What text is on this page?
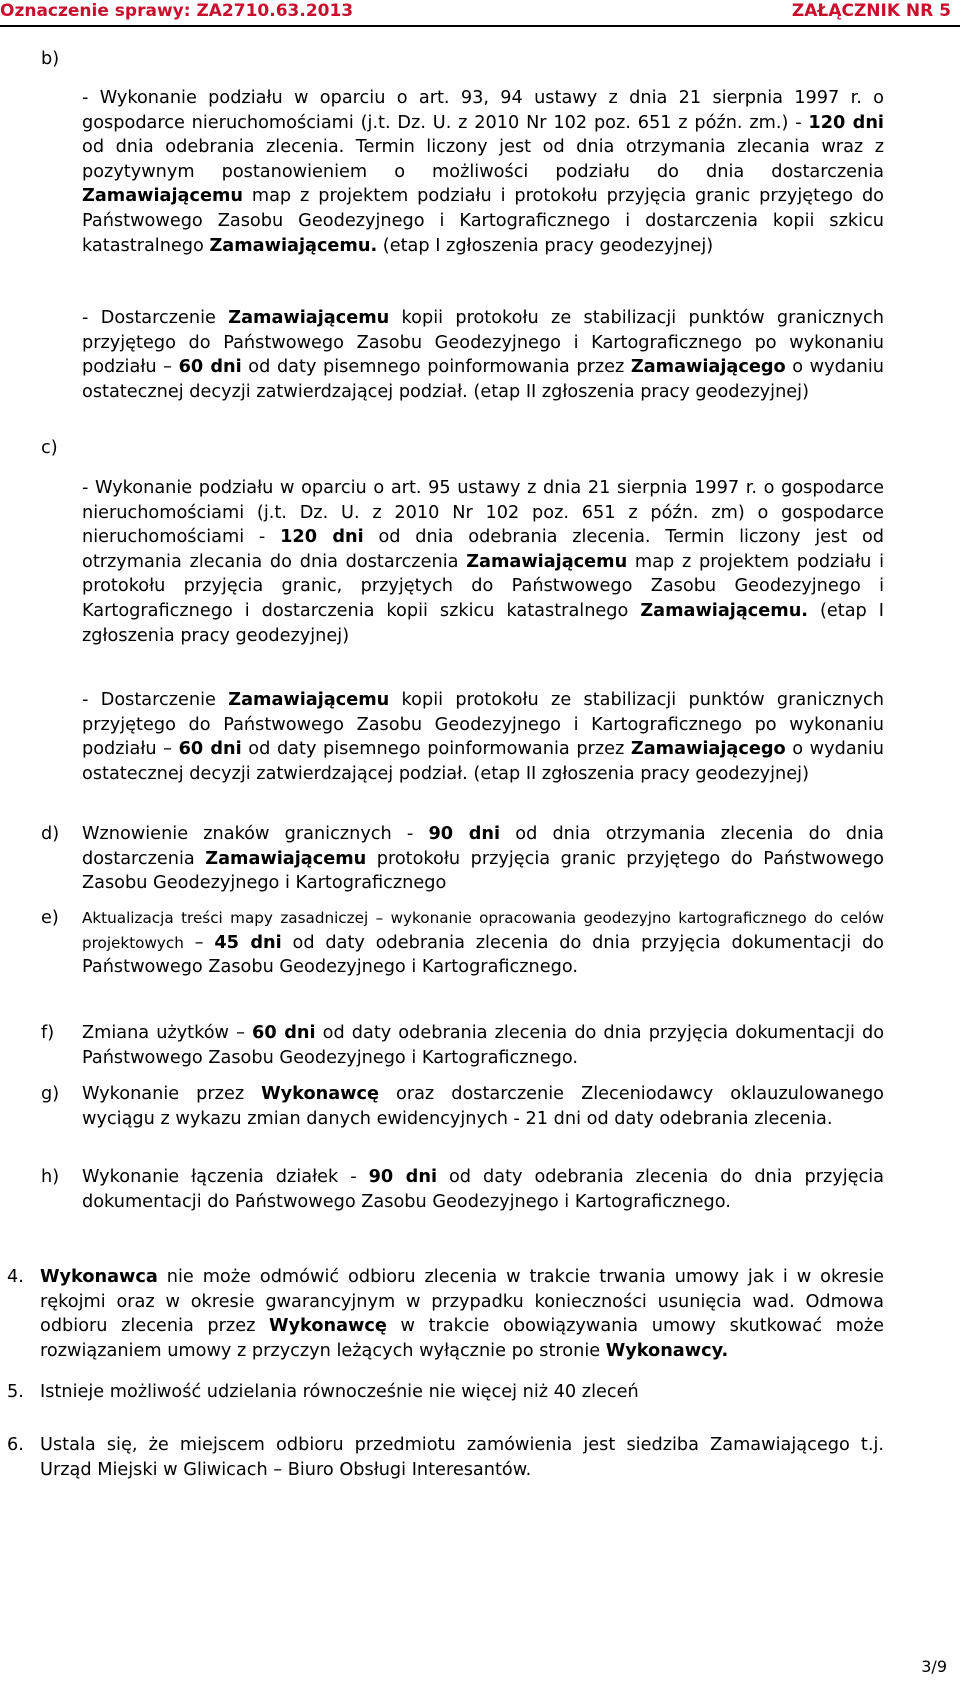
Oznaczenie sprawy: ZA2710.63.2013	ZAŁĄCZNIK NR 5
b)

- Wykonanie podziału w oparciu o art. 93, 94 ustawy z dnia 21 sierpnia 1997 r. o gospodarce nieruchomościami (j.t. Dz. U. z 2010 Nr 102 poz. 651 z późn. zm.) - 120 dni od dnia odebrania zlecenia. Termin liczony jest od dnia otrzymania zlecania wraz z pozytywnym postanowieniem o możliwości podziału do dnia dostarczenia Zamawiającemu map z projektem podziału i protokołu przyjęcia granic przyjętego do Państwowego Zasobu Geodezyjnego i Kartograficznego i dostarczenia kopii szkicu katastralnego Zamawiającemu. (etap I zgłoszenia pracy geodezyjnej)

- Dostarczenie Zamawiającemu kopii protokołu ze stabilizacji punktów granicznych przyjętego do Państwowego Zasobu Geodezyjnego i Kartograficznego po wykonaniu podziału – 60 dni od daty pisemnego poinformowania przez Zamawiającego o wydaniu ostatecznej decyzji zatwierdzającej podział. (etap II zgłoszenia pracy geodezyjnej)

c)

- Wykonanie podziału w oparciu o art. 95 ustawy z dnia 21 sierpnia 1997 r. o gospodarce nieruchomościami (j.t. Dz. U. z 2010 Nr 102 poz. 651 z późn. zm) o gospodarce nieruchomościami - 120 dni od dnia odebrania zlecenia. Termin liczony jest od otrzymania zlecania do dnia dostarczenia Zamawiającemu map z projektem podziału i protokołu przyjęcia granic, przyjętych do Państwowego Zasobu Geodezyjnego i Kartograficznego i dostarczenia kopii szkicu katastralnego Zamawiającemu. (etap I zgłoszenia pracy geodezyjnej)

- Dostarczenie Zamawiającemu kopii protokołu ze stabilizacji punktów granicznych przyjętego do Państwowego Zasobu Geodezyjnego i Kartograficznego po wykonaniu podziału – 60 dni od daty pisemnego poinformowania przez Zamawiającego o wydaniu ostatecznej decyzji zatwierdzającej podział. (etap II zgłoszenia pracy geodezyjnej)

d) Wznowienie znaków granicznych - 90 dni od dnia otrzymania zlecenia do dnia dostarczenia Zamawiającemu protokołu przyjęcia granic przyjętego do Państwowego Zasobu Geodezyjnego i Kartograficznego

e) Aktualizacja treści mapy zasadniczej – wykonanie opracowania geodezyjno kartograficznego do celów projektowych – 45 dni od daty odebrania zlecenia do dnia przyjęcia dokumentacji do Państwowego Zasobu Geodezyjnego i Kartograficznego.

f) Zmiana użytków – 60 dni od daty odebrania zlecenia do dnia przyjęcia dokumentacji do Państwowego Zasobu Geodezyjnego i Kartograficznego.

g) Wykonanie przez Wykonawcę oraz dostarczenie Zleceniodawcy oklauzulowanego wyciągu z wykazu zmian danych ewidencyjnych - 21 dni od daty odebrania zlecenia.

h) Wykonanie łączenia działek - 90 dni od daty odebrania zlecenia do dnia przyjęcia dokumentacji do Państwowego Zasobu Geodezyjnego i Kartograficznego.

4. Wykonawca nie może odmówić odbioru zlecenia w trakcie trwania umowy jak i w okresie rękojmi oraz w okresie gwarancyjnym w przypadku konieczności usunięcia wad. Odmowa odbioru zlecenia przez Wykonawcę w trakcie obowiązywania umowy skutkować może rozwiązaniem umowy z przyczyn leżących wyłącznie po stronie Wykonawcy.

5. Istnieje możliwość udzielania równocześnie nie więcej niż 40 zleceń

6. Ustala się, że miejscem odbioru przedmiotu zamówienia jest siedziba Zamawiającego t.j. Urząd Miejski w Gliwicach – Biuro Obsługi Interesantów.

3/9
